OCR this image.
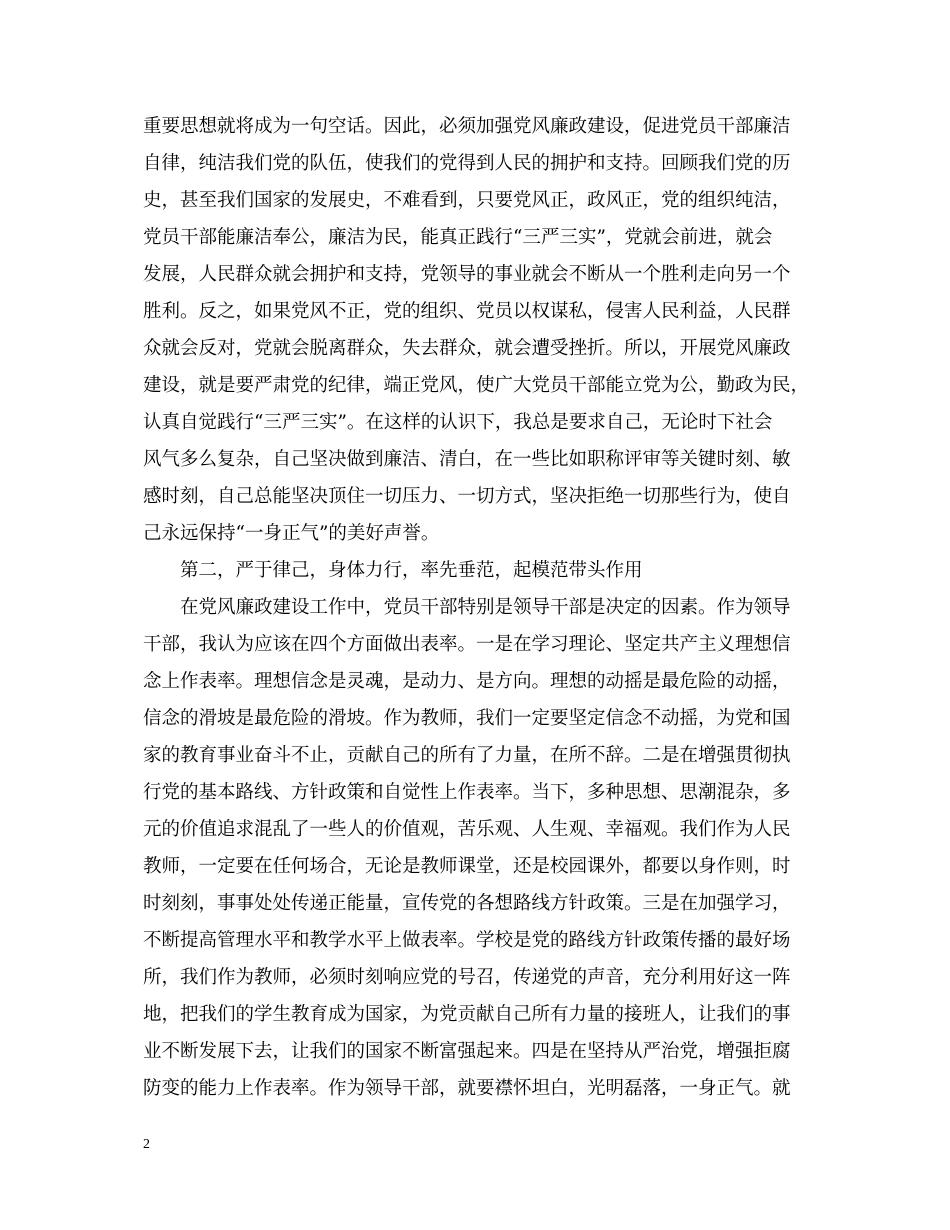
重要思想就将成为一句空话。因此，必须加强党风廉政建设，促进党员干部廉洁
自律，纯洁我们党的队伍，使我们的党得到人民的拥护和支持。回顾我们党的历
史，甚至我们国家的发展史，不难看到，只要党风正，政风正，党的组织纯洁，
党员干部能廉洁奉公，廉洁为民，能真正践行“三严三实”，党就会前进，就会
发展，人民群众就会拥护和支持，党领导的事业就会不断从一个胜利走向另一个
胜利。反之，如果党风不正，党的组织、党员以权谋私，侵害人民利益，人民群
众就会反对，党就会脱离群众，失去群众，就会遭受挫折。所以，开展党风廉政
建设，就是要严肃党的纪律，端正党风，使广大党员干部能立党为公，勤政为民，
认真自觉践行“三严三实”。在这样的认识下，我总是要求自己，无论时下社会
风气多么复杂，自己坚决做到廉洁、清白，在一些比如职称评审等关键时刻、敏
感时刻，自己总能坚决顶住一切压力、一切方式，坚决拒绝一切那些行为，使自
己永远保持“一身正气”的美好声誉。
第二，严于律己，身体力行，率先垂范，起模范带头作用
在党风廉政建设工作中，党员干部特别是领导干部是决定的因素。作为领导
干部，我认为应该在四个方面做出表率。一是在学习理论、坚定共产主义理想信
念上作表率。理想信念是灵魂，是动力、是方向。理想的动摇是最危险的动摇，
信念的滑坡是最危险的滑坡。作为教师，我们一定要坚定信念不动摇，为党和国
家的教育事业奋斗不止，贡献自己的所有了力量，在所不辞。二是在增强贯彻执
行党的基本路线、方针政策和自觉性上作表率。当下，多种思想、思潮混杂，多
元的价值追求混乱了一些人的价值观，苦乐观、人生观、幸福观。我们作为人民
教师，一定要在任何场合，无论是教师课堂，还是校园课外，都要以身作则，时
时刻刻，事事处处传递正能量，宣传党的各想路线方针政策。三是在加强学习，
不断提高管理水平和教学水平上做表率。学校是党的路线方针政策传播的最好场
所，我们作为教师，必须时刻响应党的号召，传递党的声音，充分利用好这一阵
地，把我们的学生教育成为国家，为党贡献自己所有力量的接班人，让我们的事
业不断发展下去，让我们的国家不断富强起来。四是在坚持从严治党，增强拒腐
防变的能力上作表率。作为领导干部，就要襟怀坦白，光明磊落，一身正气。就
2
